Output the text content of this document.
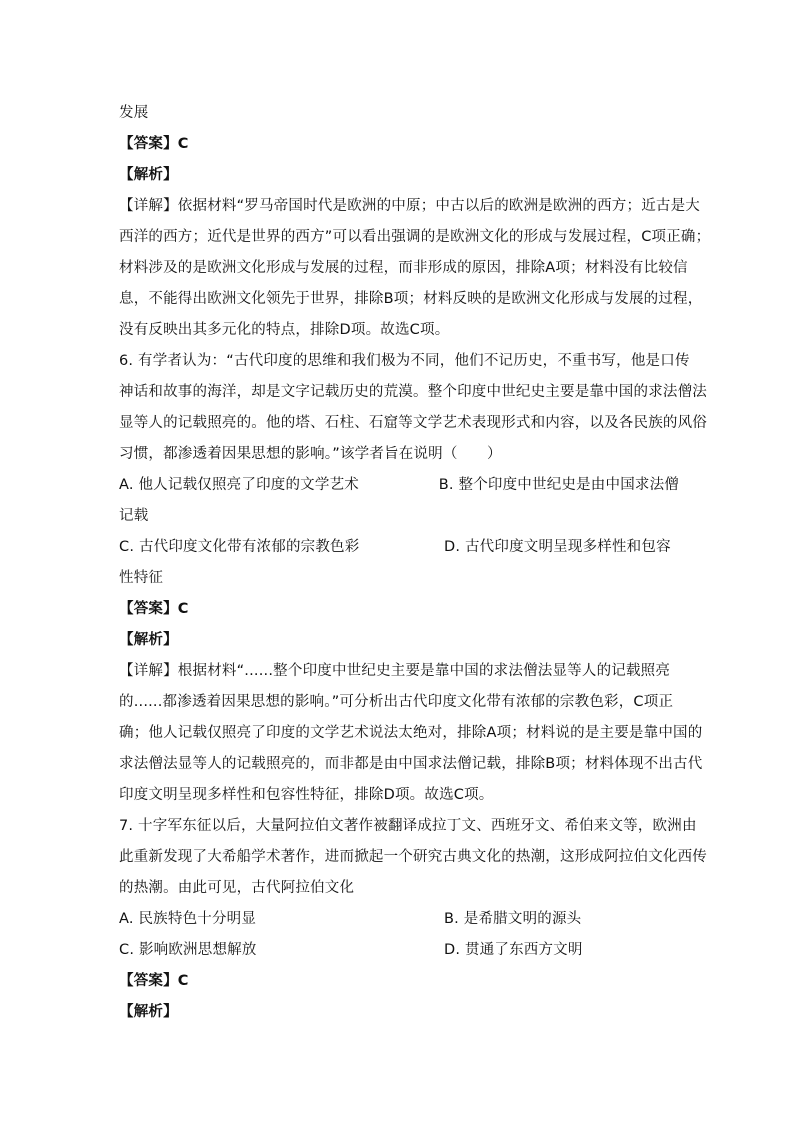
发展
【答案】C
【解析】
【详解】依据材料“罗马帝国时代是欧洲的中原；中古以后的欧洲是欧洲的西方；近古是大
西洋的西方；近代是世界的西方”可以看出强调的是欧洲文化的形成与发展过程，C项正确；
材料涉及的是欧洲文化形成与发展的过程，而非形成的原因，排除A项；材料没有比较信
息，不能得出欧洲文化领先于世界，排除B项；材料反映的是欧洲文化形成与发展的过程，
没有反映出其多元化的特点，排除D项。故选C项。
6. 有学者认为：“古代印度的思维和我们极为不同，他们不记历史，不重书写，他是口传
神话和故事的海洋，却是文字记载历史的荒漠。整个印度中世纪史主要是靠中国的求法僧法
显等人的记载照亮的。他的塔、石柱、石窟等文学艺术表现形式和内容，以及各民族的风俗
习惯，都渗透着因果思想的影响。”该学者旨在说明（　　）
A. 他人记载仅照亮了印度的文学艺术	B. 整个印度中世纪史是由中国求法僧
记载
C. 古代印度文化带有浓郁的宗教色彩	D. 古代印度文明呈现多样性和包容
性特征
【答案】C
【解析】
【详解】根据材料“......整个印度中世纪史主要是靠中国的求法僧法显等人的记载照亮
的......都渗透着因果思想的影响。”可分析出古代印度文化带有浓郁的宗教色彩，C项正
确；他人记载仅照亮了印度的文学艺术说法太绝对，排除A项；材料说的是主要是靠中国的
求法僧法显等人的记载照亮的，而非都是由中国求法僧记载，排除B项；材料体现不出古代
印度文明呈现多样性和包容性特征，排除D项。故选C项。
7. 十字军东征以后，大量阿拉伯文著作被翻译成拉丁文、西班牙文、希伯来文等，欧洲由
此重新发现了大希船学术著作，进而掀起一个研究古典文化的热潮，这形成阿拉伯文化西传
的热潮。由此可见，古代阿拉伯文化
A. 民族特色十分明显	B. 是希腊文明的源头
C. 影响欧洲思想解放	D. 贯通了东西方文明
【答案】C
【解析】
